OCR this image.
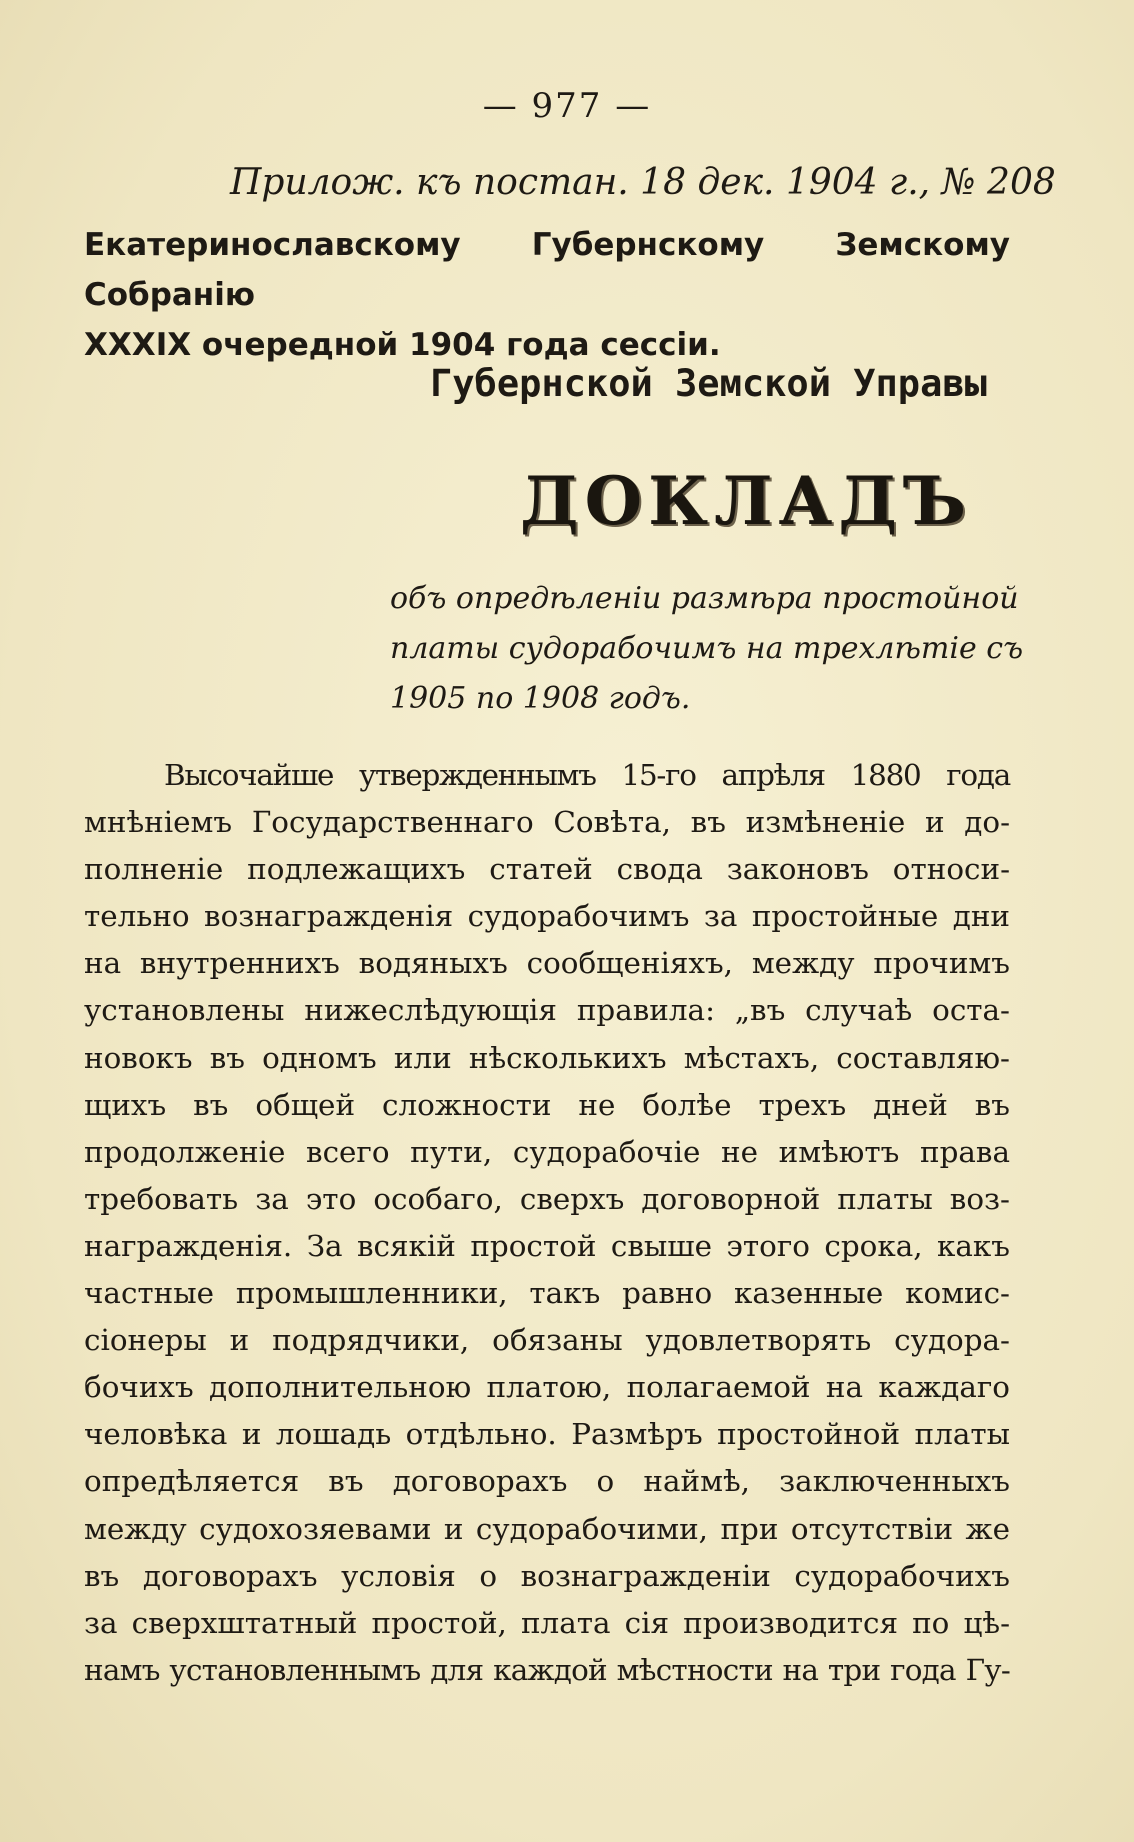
— 977 —
Прилож. къ постан. 18 дек. 1904 г., № 208
Екатеринославскому Губернскому Земскому Собранію
XXXIX очередной 1904 года сессіи.
Губернской Земской Управы
ДОКЛАДЪ
объ опредѣленіи размѣра простойной
платы судорабочимъ на трехлѣтіе съ
1905 по 1908 годъ.
Высочайше утвержденнымъ 15-го апрѣля 1880 года
мнѣніемъ Государственнаго Совѣта, въ измѣненіе и до-
полненіе подлежащихъ статей свода законовъ относи-
тельно вознагражденія судорабочимъ за простойные дни
на внутреннихъ водяныхъ сообщеніяхъ, между прочимъ
установлены нижеслѣдующія правила: „въ случаѣ оста-
новокъ въ одномъ или нѣсколькихъ мѣстахъ, составляю-
щихъ въ общей сложности не болѣе трехъ дней въ
продолженіе всего пути, судорабочіе не имѣютъ права
требовать за это особаго, сверхъ договорной платы воз-
награжденія. За всякій простой свыше этого срока, какъ
частные промышленники, такъ равно казенные комис-
сіонеры и подрядчики, обязаны удовлетворять судора-
бочихъ дополнительною платою, полагаемой на каждаго
человѣка и лошадь отдѣльно. Размѣръ простойной платы
опредѣляется въ договорахъ о наймѣ, заключенныхъ
между судохозяевами и судорабочими, при отсутствіи же
въ договорахъ условія о вознагражденіи судорабочихъ
за сверхштатный простой, плата сія производится по цѣ-
намъ установленнымъ для каждой мѣстности на три года Гу-
